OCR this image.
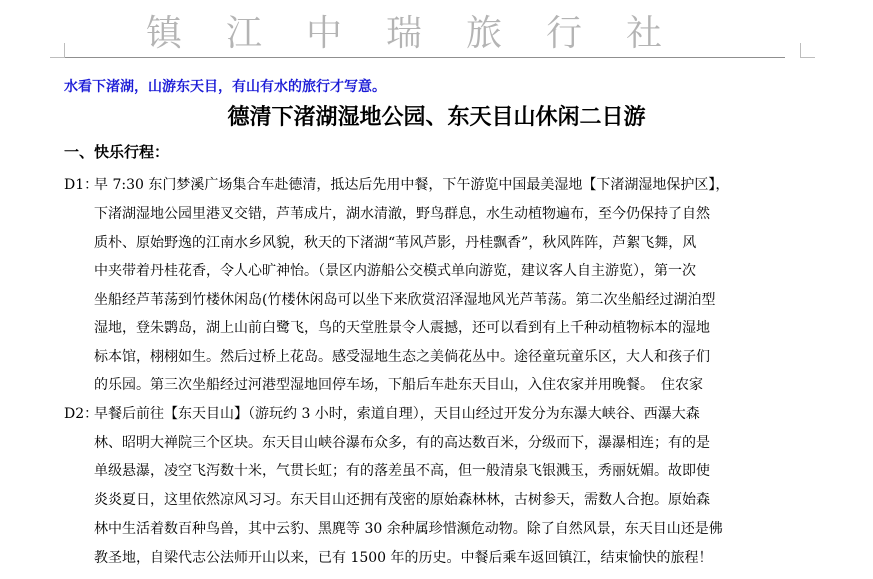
镇江中瑞旅行社
水看下渚湖，山游东天目，有山有水的旅行才写意。
德清下渚湖湿地公园、东天目山休闲二日游
一、快乐行程：
D1：
早 7:30 东门梦溪广场集合车赴德清，抵达后先用中餐，下午游览中国最美湿地【下渚湖湿地保护区】，
下渚湖湿地公园里港叉交错，芦苇成片，湖水清澈，野鸟群息，水生动植物遍布，至今仍保持了自然
质朴、原始野逸的江南水乡风貌，秋天的下渚湖“苇风芦影，丹桂飘香”，秋风阵阵，芦絮飞舞，风
中夹带着丹桂花香，令人心旷神怡。（景区内游船公交模式单向游览，建议客人自主游览），第一次
坐船经芦苇荡到竹楼休闲岛(竹楼休闲岛可以坐下来欣赏沼泽湿地风光芦苇荡。第二次坐船经过湖泊型
湿地，登朱鹮岛，湖上山前白鹭飞，鸟的天堂胜景令人震撼，还可以看到有上千种动植物标本的湿地
标本馆，栩栩如生。然后过桥上花岛。感受湿地生态之美倘花丛中。途径童玩童乐区，大人和孩子们
的乐园。第三次坐船经过河港型湿地回停车场，下船后车赴东天目山，入住农家并用晚餐。　住农家
D2：
早餐后前往【东天目山】（游玩约 3 小时，索道自理），天目山经过开发分为东瀑大峡谷、西瀑大森
林、昭明大禅院三个区块。东天目山峡谷瀑布众多，有的高达数百米，分级而下，瀑瀑相连；有的是
单级悬瀑，凌空飞泻数十米，气贯长虹；有的落差虽不高，但一般清泉飞银溅玉，秀丽妩媚。故即使
炎炎夏日，这里依然凉风习习。东天目山还拥有茂密的原始森林林，古树参天，需数人合抱。原始森
林中生活着数百种鸟兽，其中云豹、黑麂等 30 余种属珍惜濒危动物。除了自然风景，东天目山还是佛
教圣地，自梁代志公法师开山以来，已有 1500 年的历史。中餐后乘车返回镇江，结束愉快的旅程！
